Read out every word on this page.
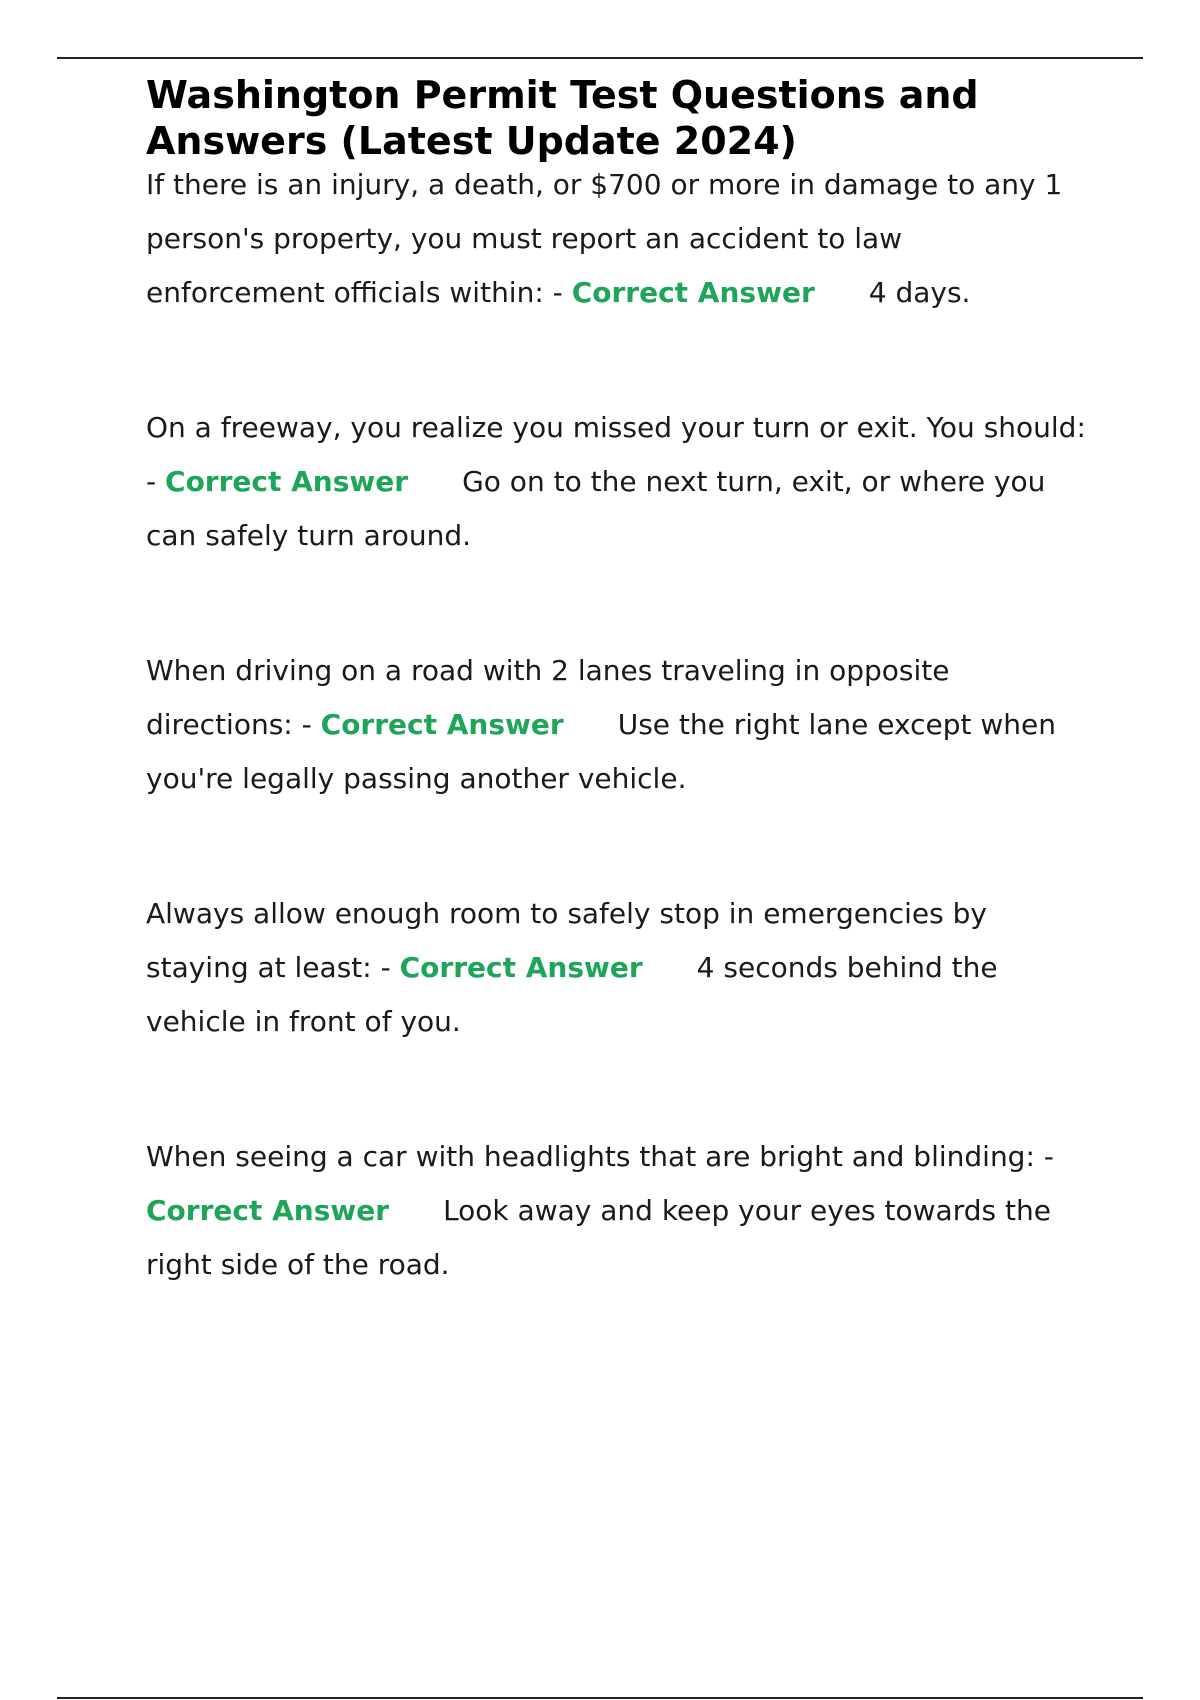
Washington Permit Test Questions and Answers (Latest Update 2024)

If there is an injury, a death, or $700 or more in damage to any 1 person's property, you must report an accident to law enforcement officials within: - Correct Answer 4 days.

On a freeway, you realize you missed your turn or exit. You should: - Correct Answer Go on to the next turn, exit, or where you can safely turn around.

When driving on a road with 2 lanes traveling in opposite directions: - Correct Answer Use the right lane except when you're legally passing another vehicle.

Always allow enough room to safely stop in emergencies by staying at least: - Correct Answer 4 seconds behind the vehicle in front of you.

When seeing a car with headlights that are bright and blinding: - Correct Answer Look away and keep your eyes towards the right side of the road.
